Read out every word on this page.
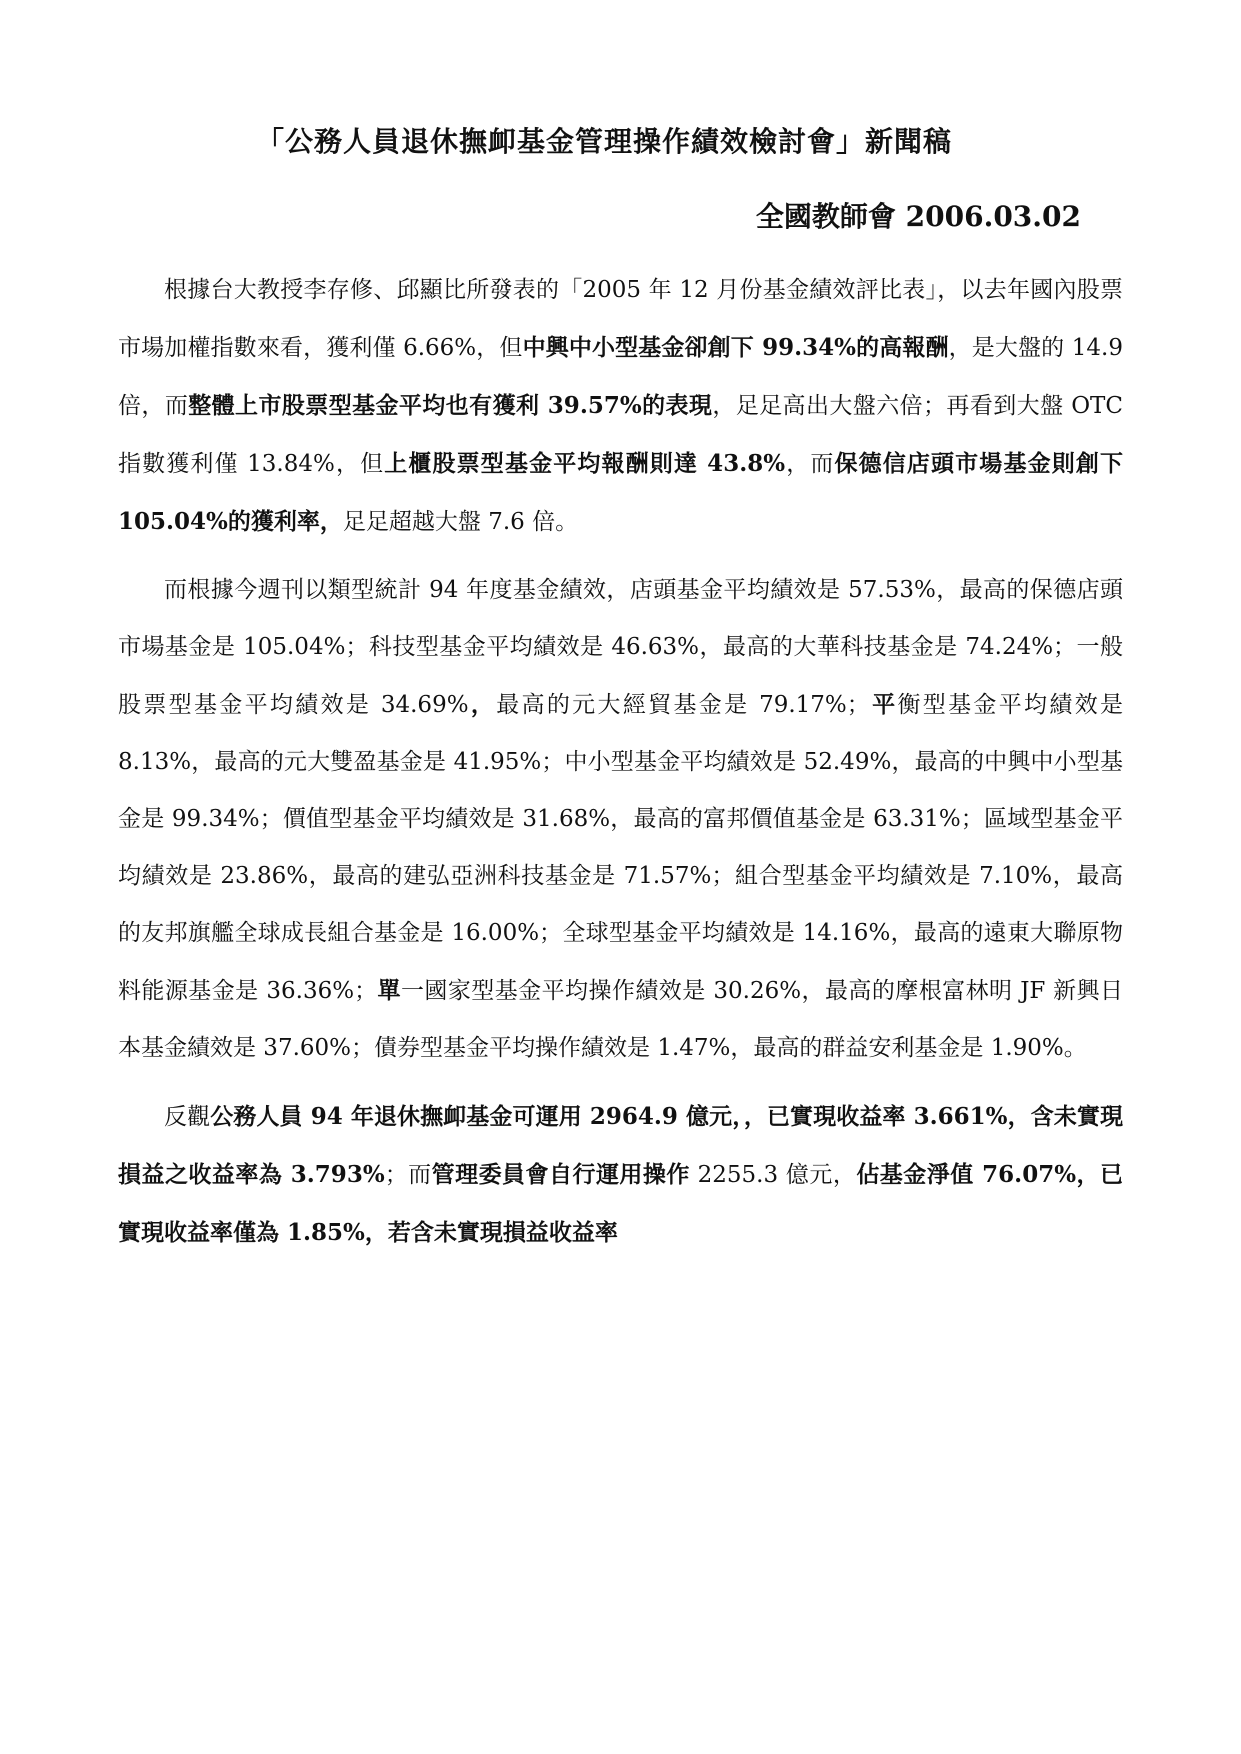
「公務人員退休撫卹基金管理操作績效檢討會」新聞稿
全國教師會 2006.03.02

根據台大教授李存修、邱顯比所發表的「2005 年 12 月份基金績效評比表」，以去年國內股票市場加權指數來看，獲利僅 6.66%，但中興中小型基金卻創下 99.34%的高報酬，是大盤的 14.9 倍，而整體上市股票型基金平均也有獲利 39.57%的表現，足足高出大盤六倍；再看到大盤 OTC 指數獲利僅 13.84%，但上櫃股票型基金平均報酬則達 43.8%，而保德信店頭市場基金則創下 105.04%的獲利率，足足超越大盤 7.6 倍。

而根據今週刊以類型統計 94 年度基金績效，店頭基金平均績效是 57.53%，最高的保德店頭市場基金是 105.04%；科技型基金平均績效是 46.63%，最高的大華科技基金是 74.24%；一般股票型基金平均績效是 34.69%，最高的元大經貿基金是 79.17%；平衡型基金平均績效是 8.13%，最高的元大雙盈基金是 41.95%；中小型基金平均績效是 52.49%，最高的中興中小型基金是 99.34%；價值型基金平均績效是 31.68%，最高的富邦價值基金是 63.31%；區域型基金平均績效是 23.86%，最高的建弘亞洲科技基金是 71.57%；組合型基金平均績效是 7.10%，最高的友邦旗艦全球成長組合基金是 16.00%；全球型基金平均績效是 14.16%，最高的遠東大聯原物料能源基金是 36.36%；單一國家型基金平均操作績效是 30.26%，最高的摩根富林明 JF 新興日本基金績效是 37.60%；債券型基金平均操作績效是 1.47%，最高的群益安利基金是 1.90%。

反觀公務人員 94 年退休撫卹基金可運用 2964.9 億元，，已實現收益率 3.661%，含未實現損益之收益率為 3.793%；而管理委員會自行運用操作 2255.3 億元，佔基金淨值 76.07%，已實現收益率僅為 1.85%，若含未實現損益收益率
